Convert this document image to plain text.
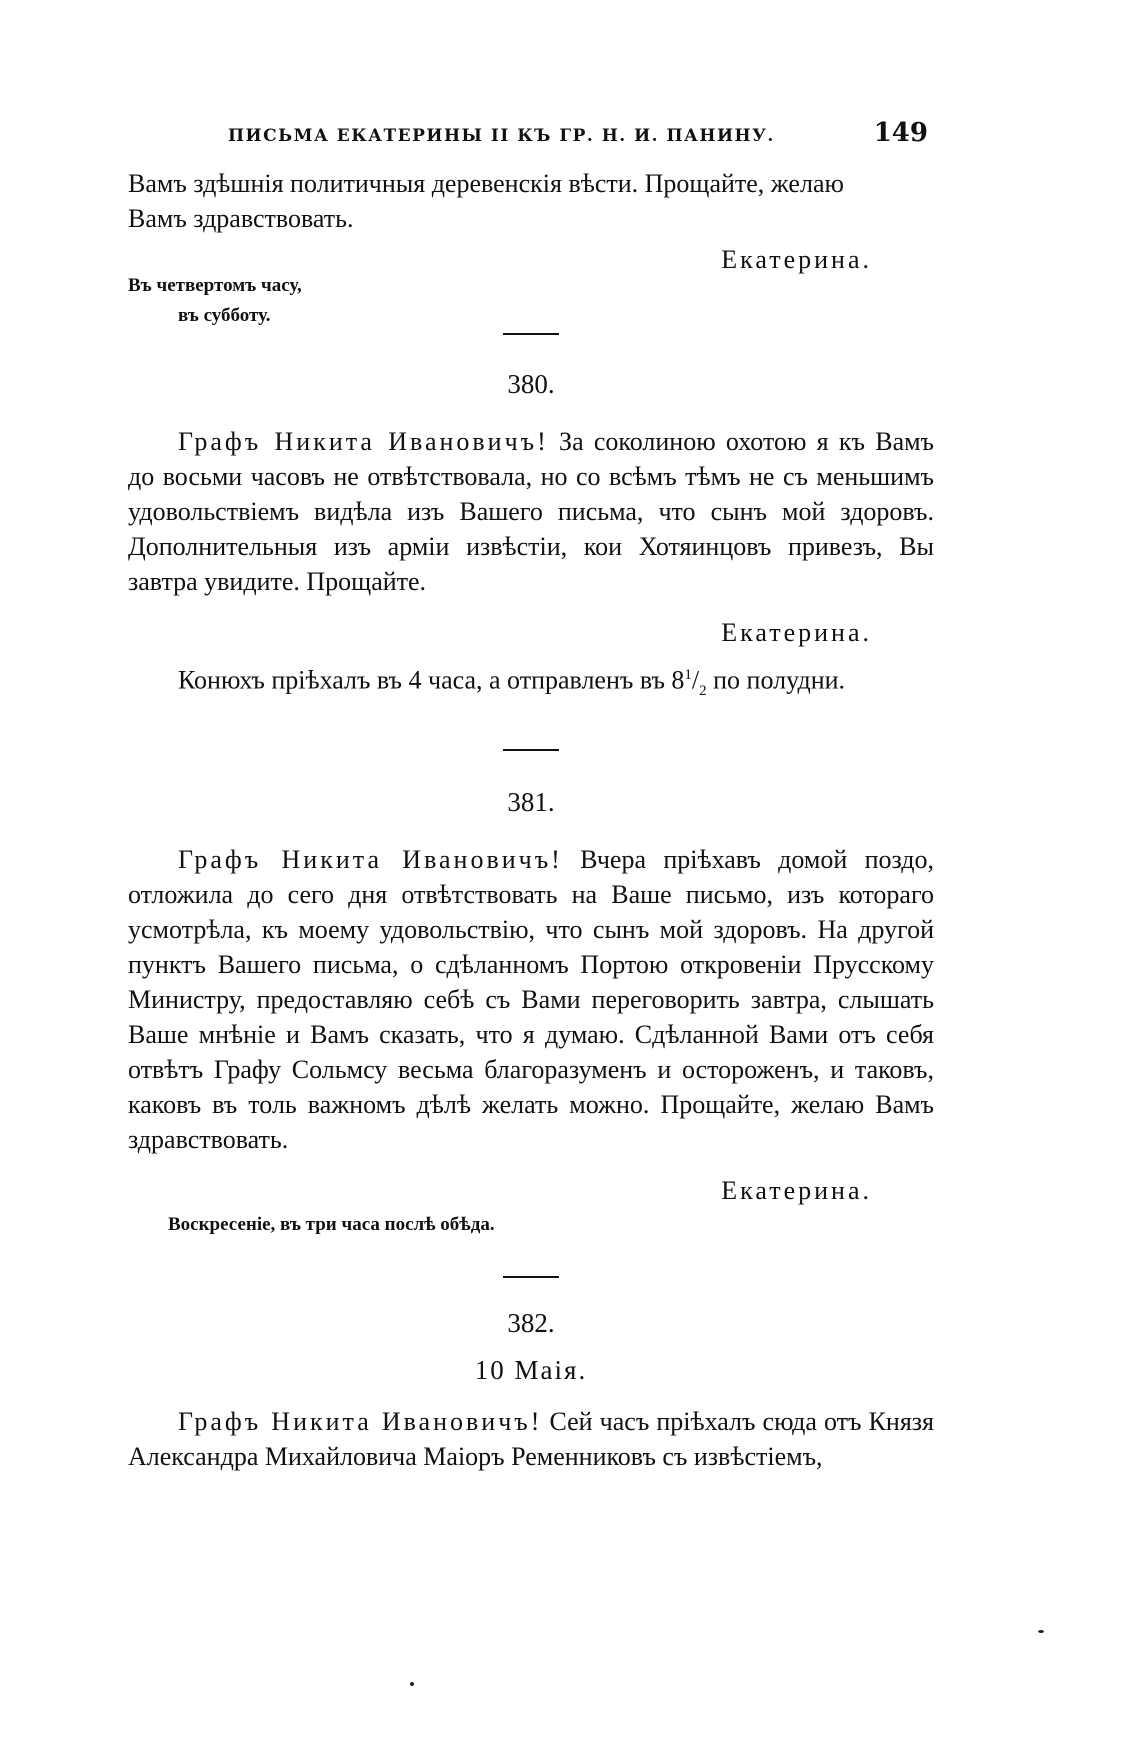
ПИСЬМА ЕКАТЕРИНЫ II КЪ ГР. Н. И. ПАНИНУ.	149

Вамъ здѣшнія политичныя деревенскія вѣсти. Прощайте, желаю

Вамъ здравствовать.

Екатерина.
Въ четвертомъ часу,
въ субботу.

380.

Графъ Никита Ивановичъ! За соколиною охотою я къ Вамъ до восьми часовъ не отвѣтствовала, но со всѣмъ тѣмъ не съ меньшимъ удовольствіемъ видѣла изъ Вашего письма, что сынъ мой здоровъ. Дополнительныя изъ арміи извѣстіи, кои Хотяинцовъ привезъ, Вы завтра увидите. Прощайте.

Екатерина.

Конюхъ пріѣхалъ въ 4 часа, а отправленъ въ $8^1/_2$ по полудни.

381.

Графъ Никита Ивановичъ! Вчера пріѣхавъ домой поздо, отложила до сего дня отвѣтствовать на Ваше письмо, изъ котораго усмотрѣла, къ моему удовольствію, что сынъ мой здоровъ. На другой пунктъ Вашего письма, о сдѣланномъ Портою откровеніи Прусскому Министру, предоставляю себѣ съ Вами переговорить завтра, слышать Ваше мнѣніе и Вамъ сказать, что я думаю. Сдѣланной Вами отъ себя отвѣтъ Графу Сольмсу весьма благоразуменъ и остороженъ, и таковъ, каковъ въ толь важномъ дѣлѣ желать можно. Прощайте, желаю Вамъ здравствовать.

Екатерина.
Воскресеніе, въ три часа послѣ обѣда.

382.

10 Маія.

Графъ Никита Ивановичъ! Сей часъ пріѣхалъ сюда отъ Князя Александра Михайловича Маіоръ Ременниковъ съ извѣстіемъ,
